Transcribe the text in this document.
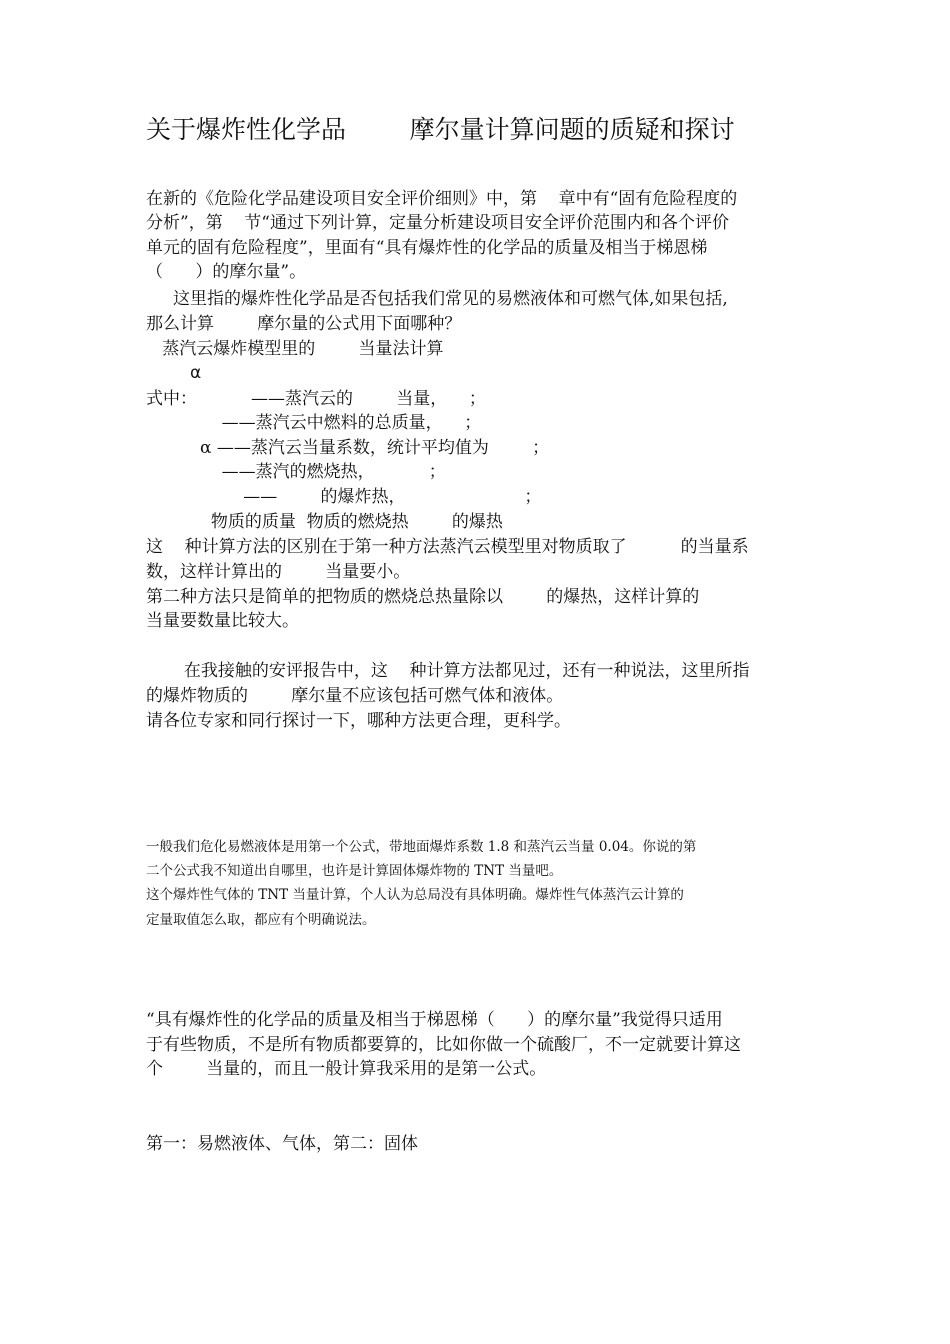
关于爆炸性化学品        摩尔量计算问题的质疑和探讨
在新的《危险化学品建设项目安全评价细则》中，第    章中有“固有危险程度的
分析”，第    节“通过下列计算，定量分析建设项目安全评价范围内和各个评价
单元的固有危险程度”，里面有“具有爆炸性的化学品的质量及相当于梯恩梯
（      ）的摩尔量”。
这里指的爆炸性化学品是否包括我们常见的易燃液体和可燃气体,如果包括,
那么计算        摩尔量的公式用下面哪种？
蒸汽云爆炸模型里的        当量法计算
α
式中：          ——蒸汽云的        当量，    ；
——蒸汽云中燃料的总质量，    ；
α ——蒸汽云当量系数，统计平均值为        ；
——蒸汽的燃烧热，          ；
——        的爆炸热，                      ；
物质的质量  物质的燃烧热        的爆热
这    种计算方法的区别在于第一种方法蒸汽云模型里对物质取了          的当量系
数，这样计算出的        当量要小。
第二种方法只是简单的把物质的燃烧总热量除以        的爆热，这样计算的
当量要数量比较大。
在我接触的安评报告中，这    种计算方法都见过，还有一种说法，这里所指
的爆炸物质的        摩尔量不应该包括可燃气体和液体。
请各位专家和同行探讨一下，哪种方法更合理，更科学。
一般我们危化易燃液体是用第一个公式，带地面爆炸系数 1.8 和蒸汽云当量 0.04。你说的第
二个公式我不知道出自哪里，也许是计算固体爆炸物的 TNT 当量吧。
这个爆炸性气体的 TNT 当量计算，个人认为总局没有具体明确。爆炸性气体蒸汽云计算的
定量取值怎么取，都应有个明确说法。
“具有爆炸性的化学品的质量及相当于梯恩梯（      ）的摩尔量”我觉得只适用
于有些物质，不是所有物质都要算的，比如你做一个硫酸厂，不一定就要计算这
个        当量的，而且一般计算我采用的是第一公式。
第一：易燃液体、气体，第二：固体
